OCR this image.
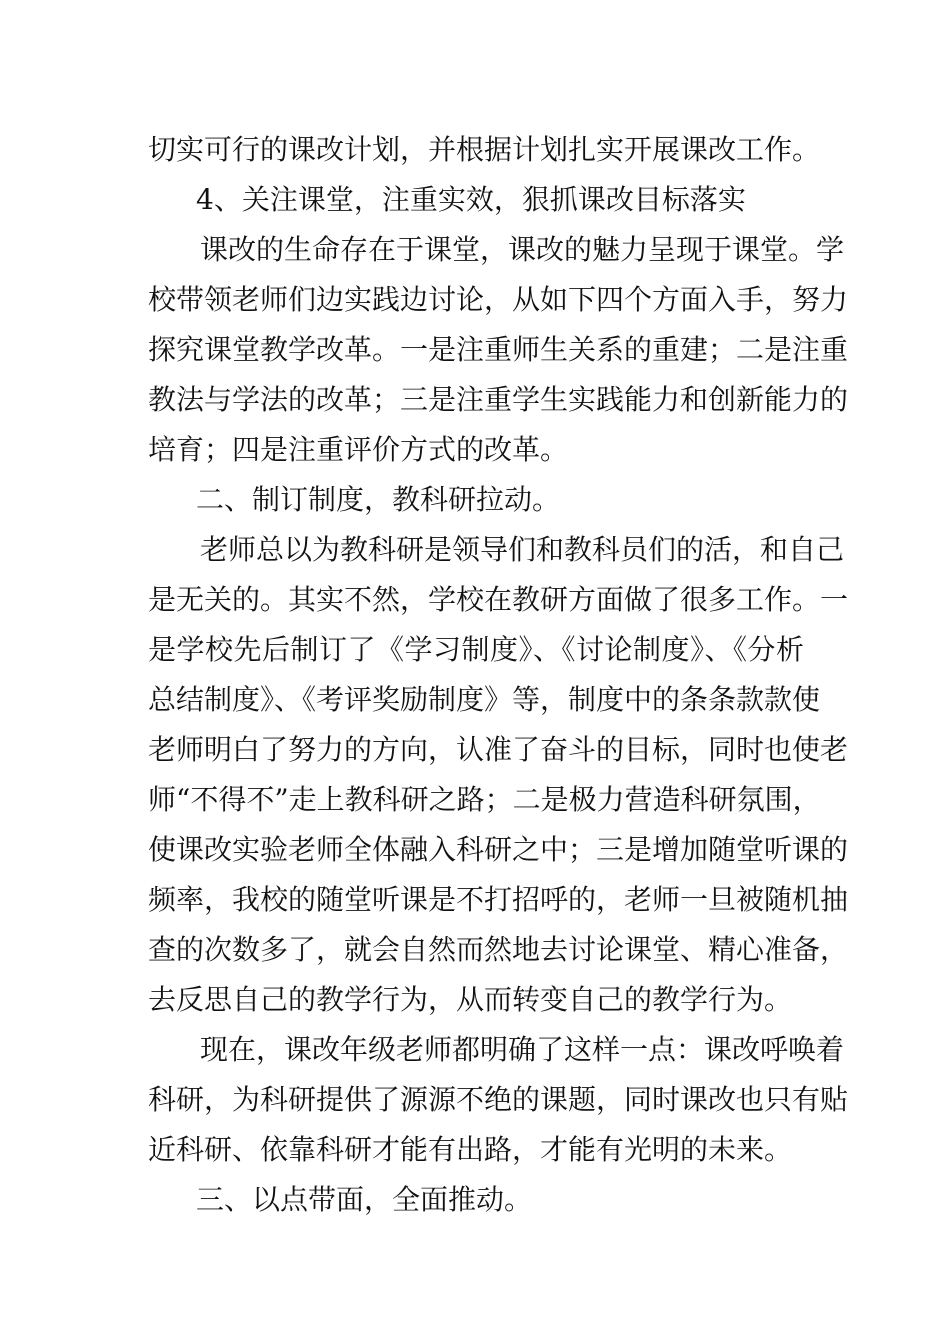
切实可行的课改计划，并根据计划扎实开展课改工作。

4、关注课堂，注重实效，狠抓课改目标落实

课改的生命存在于课堂，课改的魅力呈现于课堂。学

校带领老师们边实践边讨论，从如下四个方面入手，努力

探究课堂教学改革。一是注重师生关系的重建；二是注重

教法与学法的改革；三是注重学生实践能力和创新能力的

培育；四是注重评价方式的改革。

二、制订制度，教科研拉动。

老师总以为教科研是领导们和教科员们的活，和自己

是无关的。其实不然，学校在教研方面做了很多工作。一

是学校先后制订了《学习制度》、《讨论制度》、《分析

总结制度》、《考评奖励制度》等，制度中的条条款款使

老师明白了努力的方向，认准了奋斗的目标，同时也使老

师“不得不”走上教科研之路；二是极力营造科研氛围，

使课改实验老师全体融入科研之中；三是增加随堂听课的

频率，我校的随堂听课是不打招呼的，老师一旦被随机抽

查的次数多了，就会自然而然地去讨论课堂、精心准备，

去反思自己的教学行为，从而转变自己的教学行为。

现在，课改年级老师都明确了这样一点：课改呼唤着

科研，为科研提供了源源不绝的课题，同时课改也只有贴

近科研、依靠科研才能有出路，才能有光明的未来。

三、以点带面，全面推动。
